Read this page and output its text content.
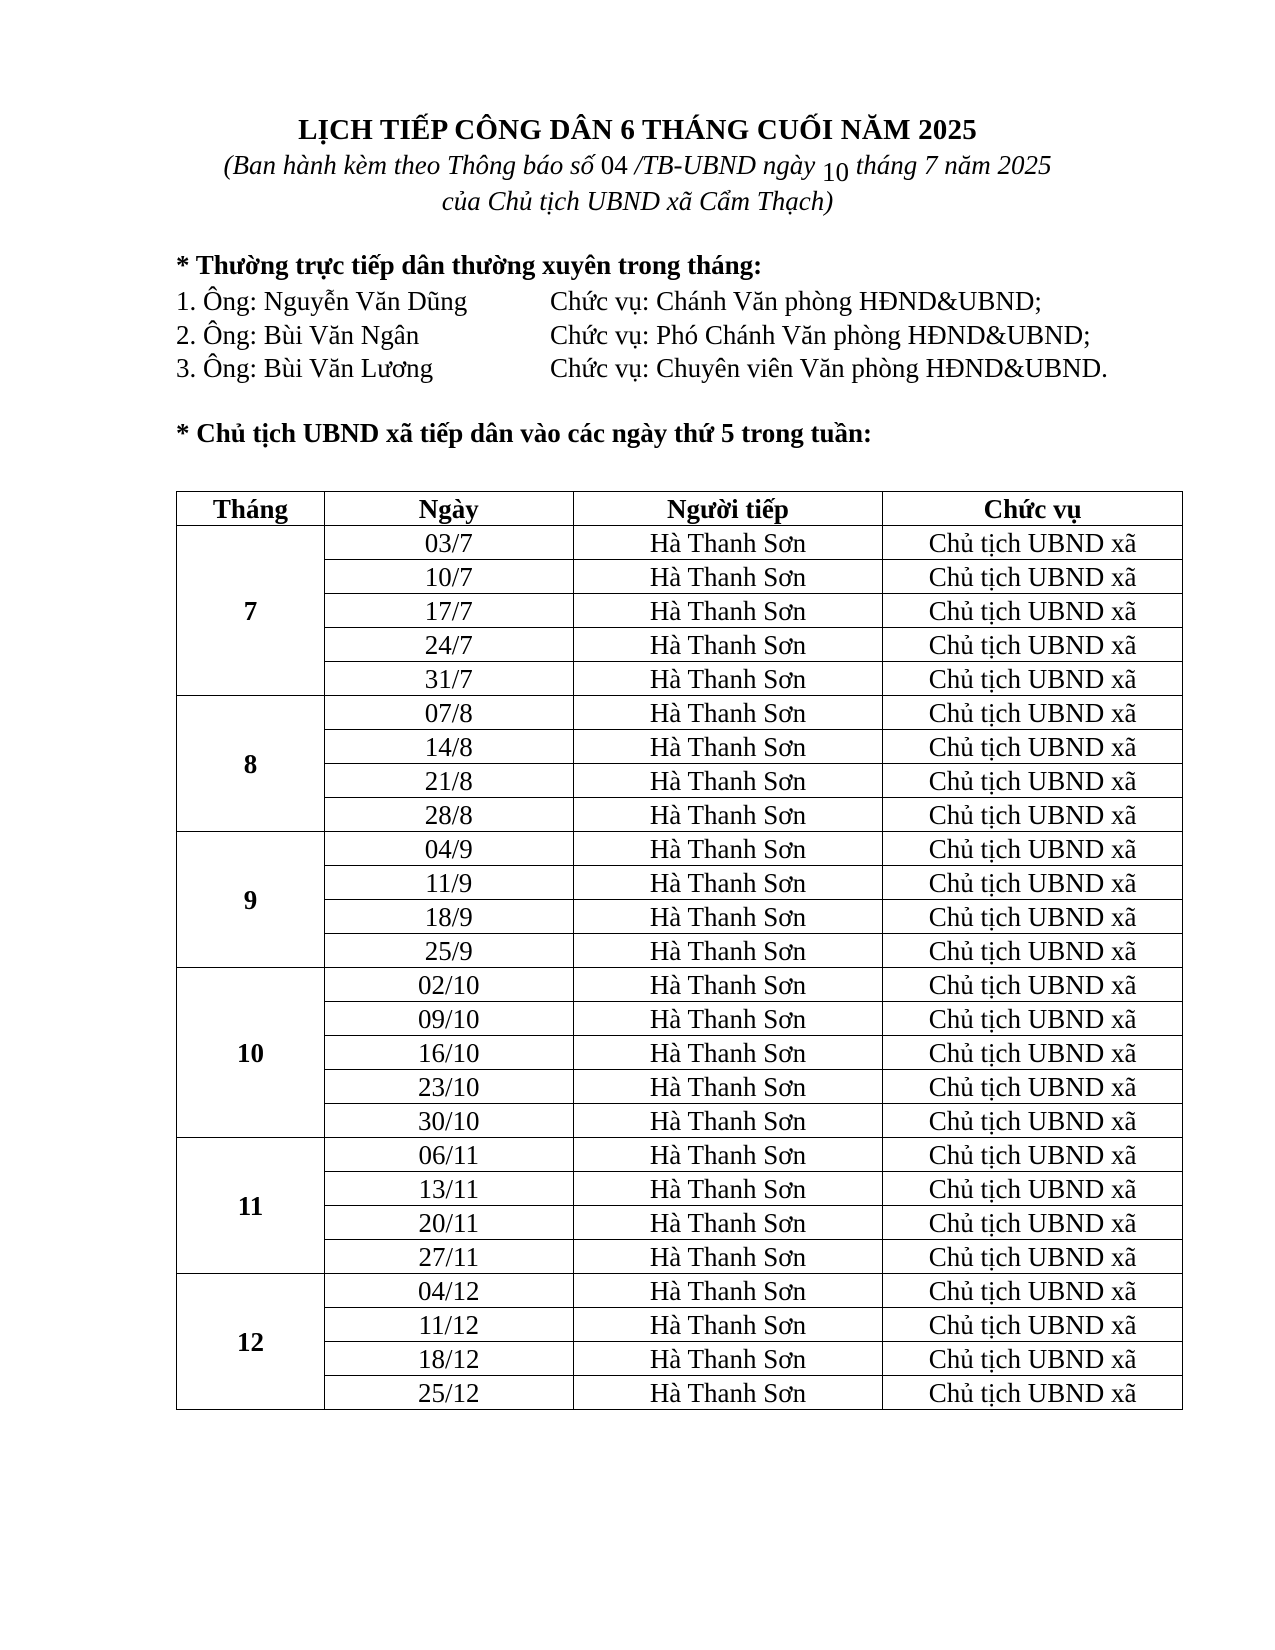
LỊCH TIẾP CÔNG DÂN 6 THÁNG CUỐI NĂM 2025
(Ban hành kèm theo Thông báo số 04 /TB-UBND ngày 10 tháng 7 năm 2025
của Chủ tịch UBND xã Cẩm Thạch)
* Thường trực tiếp dân thường xuyên trong tháng:
1. Ông: Nguyễn Văn Dũng	Chức vụ: Chánh Văn phòng HĐND&UBND;
2. Ông: Bùi Văn Ngân	Chức vụ: Phó Chánh Văn phòng HĐND&UBND;
3. Ông: Bùi Văn Lương	Chức vụ: Chuyên viên Văn phòng HĐND&UBND.
* Chủ tịch UBND xã tiếp dân vào các ngày thứ 5 trong tuần:
Tháng	Ngày	Người tiếp	Chức vụ
7	03/7	Hà Thanh Sơn	Chủ tịch UBND xã
	10/7	Hà Thanh Sơn	Chủ tịch UBND xã
	17/7	Hà Thanh Sơn	Chủ tịch UBND xã
	24/7	Hà Thanh Sơn	Chủ tịch UBND xã
	31/7	Hà Thanh Sơn	Chủ tịch UBND xã
8	07/8	Hà Thanh Sơn	Chủ tịch UBND xã
	14/8	Hà Thanh Sơn	Chủ tịch UBND xã
	21/8	Hà Thanh Sơn	Chủ tịch UBND xã
	28/8	Hà Thanh Sơn	Chủ tịch UBND xã
9	04/9	Hà Thanh Sơn	Chủ tịch UBND xã
	11/9	Hà Thanh Sơn	Chủ tịch UBND xã
	18/9	Hà Thanh Sơn	Chủ tịch UBND xã
	25/9	Hà Thanh Sơn	Chủ tịch UBND xã
10	02/10	Hà Thanh Sơn	Chủ tịch UBND xã
	09/10	Hà Thanh Sơn	Chủ tịch UBND xã
	16/10	Hà Thanh Sơn	Chủ tịch UBND xã
	23/10	Hà Thanh Sơn	Chủ tịch UBND xã
	30/10	Hà Thanh Sơn	Chủ tịch UBND xã
11	06/11	Hà Thanh Sơn	Chủ tịch UBND xã
	13/11	Hà Thanh Sơn	Chủ tịch UBND xã
	20/11	Hà Thanh Sơn	Chủ tịch UBND xã
	27/11	Hà Thanh Sơn	Chủ tịch UBND xã
12	04/12	Hà Thanh Sơn	Chủ tịch UBND xã
	11/12	Hà Thanh Sơn	Chủ tịch UBND xã
	18/12	Hà Thanh Sơn	Chủ tịch UBND xã
	25/12	Hà Thanh Sơn	Chủ tịch UBND xã
